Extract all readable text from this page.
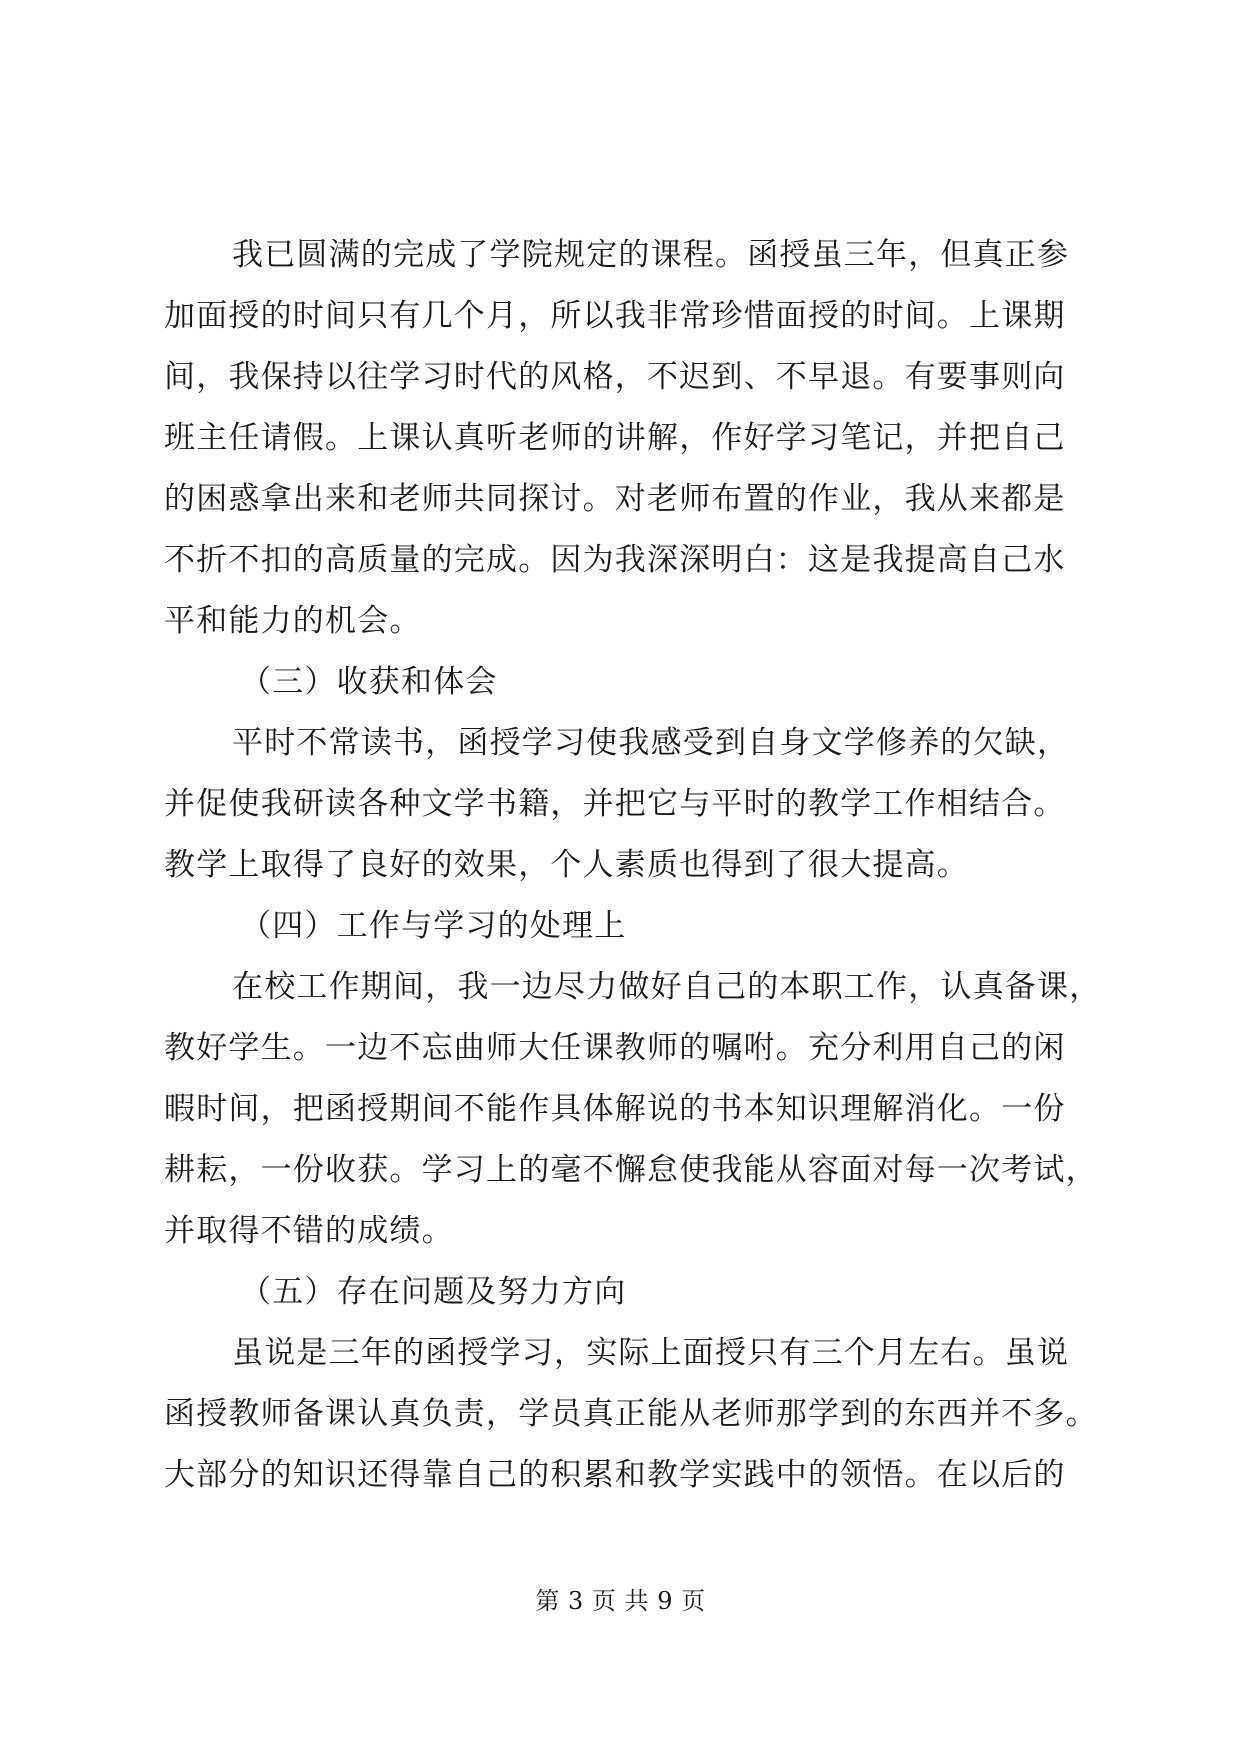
我已圆满的完成了学院规定的课程。函授虽三年，但真正参
加面授的时间只有几个月，所以我非常珍惜面授的时间。上课期
间，我保持以往学习时代的风格，不迟到、不早退。有要事则向
班主任请假。上课认真听老师的讲解，作好学习笔记，并把自己
的困惑拿出来和老师共同探讨。对老师布置的作业，我从来都是
不折不扣的高质量的完成。因为我深深明白：这是我提高自己水
平和能力的机会。
（三）收获和体会
平时不常读书，函授学习使我感受到自身文学修养的欠缺，
并促使我研读各种文学书籍，并把它与平时的教学工作相结合。
教学上取得了良好的效果，个人素质也得到了很大提高。
（四）工作与学习的处理上
在校工作期间，我一边尽力做好自己的本职工作，认真备课，
教好学生。一边不忘曲师大任课教师的嘱咐。充分利用自己的闲
暇时间，把函授期间不能作具体解说的书本知识理解消化。一份
耕耘，一份收获。学习上的毫不懈怠使我能从容面对每一次考试，
并取得不错的成绩。
（五）存在问题及努力方向
虽说是三年的函授学习，实际上面授只有三个月左右。虽说
函授教师备课认真负责，学员真正能从老师那学到的东西并不多。
大部分的知识还得靠自己的积累和教学实践中的领悟。在以后的
第 3 页 共 9 页
